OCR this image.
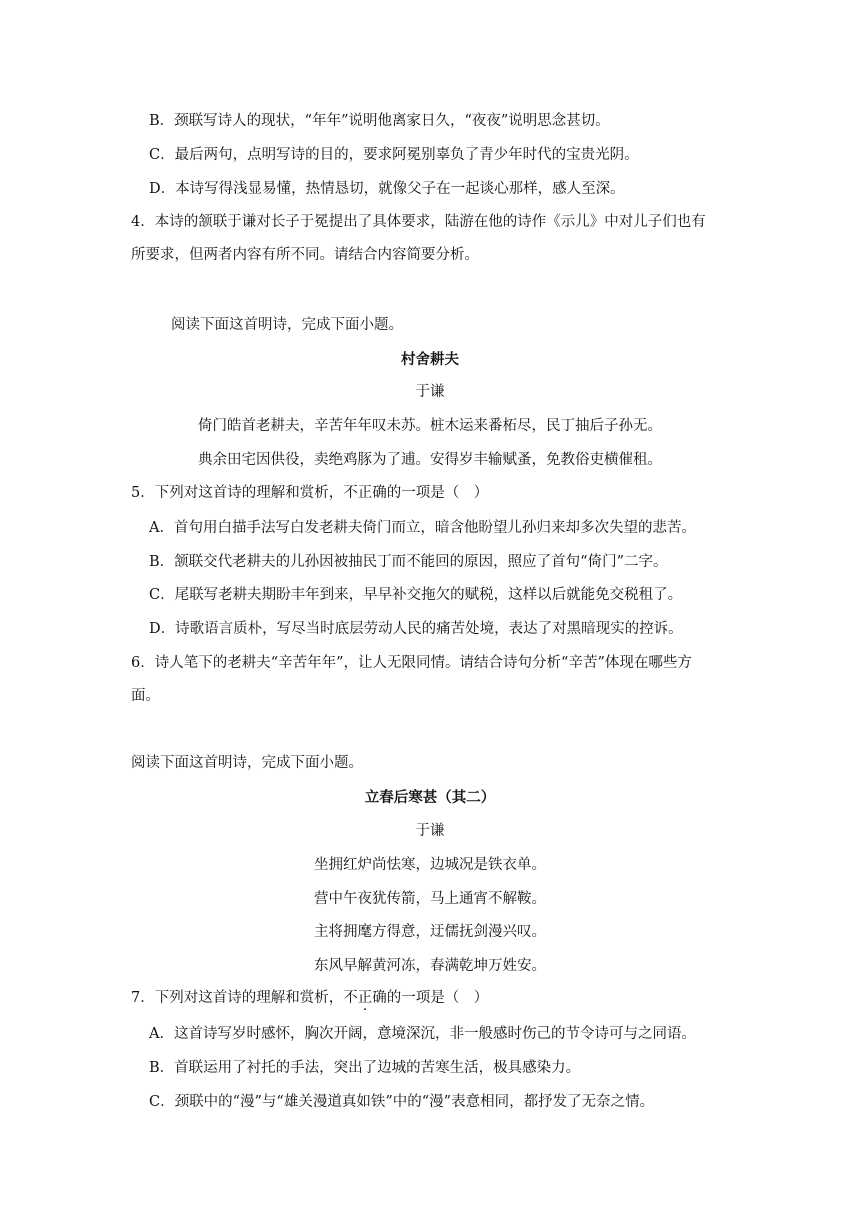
B．颈联写诗人的现状，“年年”说明他离家日久，“夜夜”说明思念甚切。
C．最后两句，点明写诗的目的，要求阿冕别辜负了青少年时代的宝贵光阴。
D．本诗写得浅显易懂，热情恳切，就像父子在一起谈心那样，感人至深。
4．本诗的颔联于谦对长子于冕提出了具体要求，陆游在他的诗作《示儿》中对儿子们也有
所要求，但两者内容有所不同。请结合内容简要分析。
阅读下面这首明诗，完成下面小题。
村舍耕夫
于谦
倚门皓首老耕夫，辛苦年年叹未苏。桩木运来番柘尽，民丁抽后子孙无。
典余田宅因供役，卖绝鸡豚为了逋。安得岁丰输赋蚤，免教俗吏横催租。
5．下列对这首诗的理解和赏析，不正确的一项是（　）
A．首句用白描手法写白发老耕夫倚门而立，暗含他盼望儿孙归来却多次失望的悲苦。
B．颔联交代老耕夫的儿孙因被抽民丁而不能回的原因，照应了首句“倚门”二字。
C．尾联写老耕夫期盼丰年到来，早早补交拖欠的赋税，这样以后就能免交税租了。
D．诗歌语言质朴，写尽当时底层劳动人民的痛苦处境，表达了对黑暗现实的控诉。
6．诗人笔下的老耕夫“辛苦年年”，让人无限同情。请结合诗句分析“辛苦”体现在哪些方
面。
阅读下面这首明诗，完成下面小题。
立春后寒甚（其二）
于谦
坐拥红炉尚怯寒，边城况是铁衣单。
营中午夜犹传箭，马上通宵不解鞍。
主将拥麾方得意，迂儒抚剑漫兴叹。
东风早解黄河冻，春满乾坤万姓安。
7．下列对这首诗的理解和赏析，不正确的一项是（　）
A．这首诗写岁时感怀，胸次开阔，意境深沉，非一般感时伤己的节令诗可与之同语。
B．首联运用了衬托的手法，突出了边城的苦寒生活，极具感染力。
C．颈联中的“漫”与“雄关漫道真如铁”中的“漫”表意相同，都抒发了无奈之情。
